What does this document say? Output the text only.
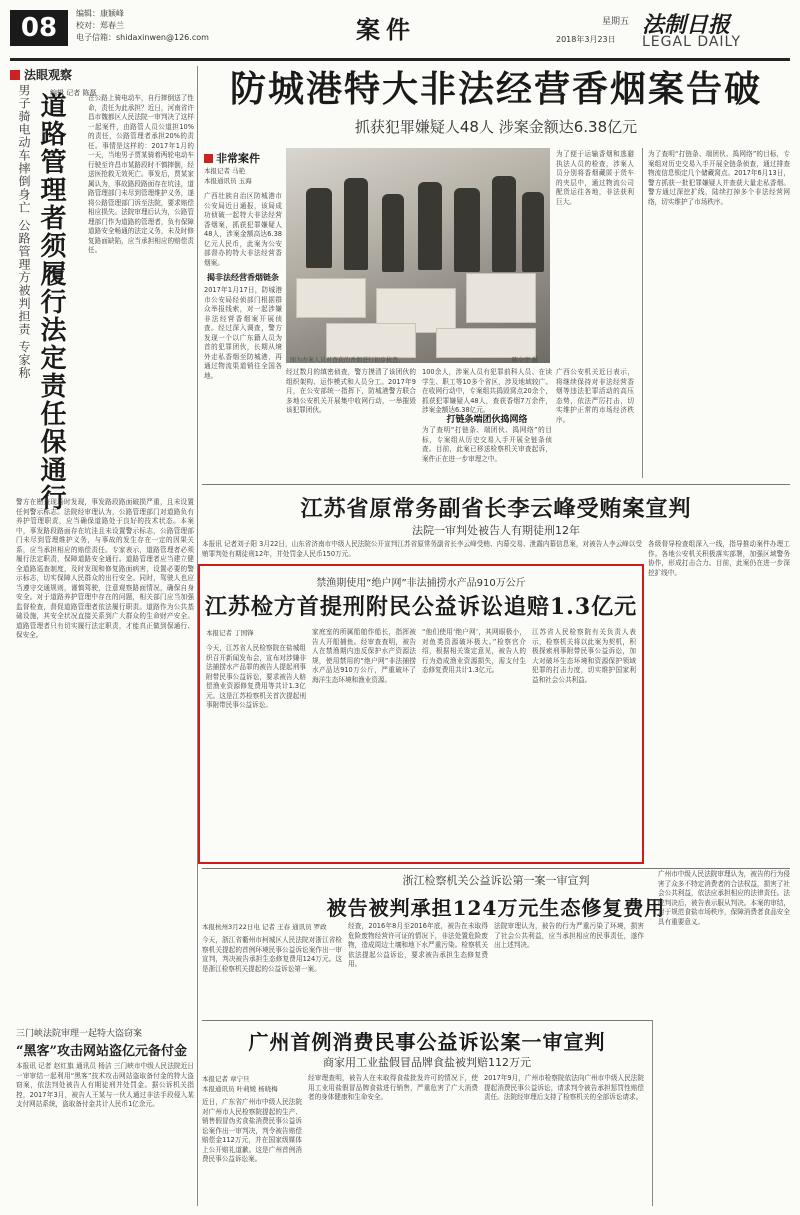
08	编辑：康颖峰
校对：郑春兰
电子信箱：shidaxinwen@126.com	案件	星期五
2018年3月23日
法制日报
LEGAL DAILY
法眼观察
编辑 记者 陈磊
男子骑电动车摔倒身亡 公路管理方被判担责 专家称 道路管理者须履行法定责任保通行	在公路上骑电动车，自行摔倒送了性命，责任为此承担？近日，河南省许昌市魏都区人民法院一审判决了这样一起案件，由路管人员公道担10%的责任，公路管理者承担20%的责任。事情是这样的：2017年1月的一天，当地男子贾某骑着两轮电动车行驶至许昌市某路段时不慎摔倒，经送医抢救无效死亡。事发后，贾某家属认为，事故路段路面存在坑洼，道路管理部门未尽到管理维护义务，遂将公路管理部门诉至法院，要求赔偿相应损失。法院审理后认为，公路管理部门作为道路的管理者，负有保障道路安全畅通的法定义务，未及时修复路面缺陷，应当承担相应的赔偿责任。
警方在勘查现场时发现，事发路段路面破损严重，且未设置任何警示标志。法院经审理认为，公路管理部门对道路负有养护管理职责，应当确保道路处于良好的技术状态。本案中，事发路段路面存在坑洼且未设置警示标志，公路管理部门未尽到管理维护义务，与事故的发生存在一定的因果关系，应当承担相应的赔偿责任。专家表示，道路管理者必须履行法定职责，保障道路安全通行。道路管理者应当建立健全道路巡查制度，及时发现和修复路面病害，设置必要的警示标志，切实保障人民群众的出行安全。同时，驾驶人也应当遵守交通规则，谨慎驾驶，注意观察路面情况，确保自身安全。对于道路养护管理中存在的问题，相关部门应当加强监督检查，督促道路管理者依法履行职责。道路作为公共基础设施，其安全状况直接关系到广大群众的生命财产安全。道路管理者只有切实履行法定职责，才能真正做到保通行、保安全。
三门峡法院审理一起特大盗窃案
“黑客”攻击网站盗亿元备付金
本报讯 记者 赵红旗 通讯员 杨洁 三门峡市中级人民法院近日一审审结一起利用“黑客”技术攻击网站盗取备付金的特大盗窃案，依法判处被告人有期徒刑并处罚金。据公诉机关指控，2017年3月，被告人王某与一伙人通过非法手段侵入某支付网站系统，盗取备付金共计人民币1亿余元。
防城港特大非法经营香烟案告破
抓获犯罪嫌疑人48人 涉案金额达6.38亿元
非常案件
本报记者 马艳
本报通讯员 玉海
广西壮族自治区防城港市公安局近日通报，该局成功侦破一起特大非法经营香烟案，抓获犯罪嫌疑人48人，涉案金额高达6.38亿元人民币，此案为公安部督办的特大非法经营香烟案。
揭非法经营香烟链条
2017年1月17日，防城港市公安局经侦部门根据群众举报线索，对一起涉嫌非法经营香烟案开展侦查。经过深入调查，警方发现一个以广东籍人员为首的犯罪团伙，长期从境外走私香烟至防城港，再通过物流渠道销往全国各地。
图为办案人员对查获的香烟进行初步核查。	陈立宇 摄
为了便于运输香烟和逃避执法人员的检查，涉案人员分别将香烟藏匿于货车的夹层中，通过物流公司配货运往各地，非法获利巨大。
经过数月的缜密侦查，警方摸清了该团伙的组织架构、运作模式和人员分工。2017年9月，在公安部统一指挥下，防城港警方联合多地公安机关开展集中收网行动，一举摧毁该犯罪团伙。
100余人，涉案人员有犯罪前科人员、在读学生、职工等10多个省区，涉及地域较广。在收网行动中，专案组共捣毁窝点20余个，抓获犯罪嫌疑人48人，查获香烟7万余件，涉案金额达6.38亿元。
打链条端团伙捣网络
为了查明“打链条、端团伙、捣网络”的目标，专案组从历史交易入手开展全链条侦查。目前，此案已移送检察机关审查起诉，案件正在进一步审理之中。
广西公安机关近日表示，将继续保持对非法经营香烟等违法犯罪活动的高压态势，依法严厉打击，切实维护正常的市场经济秩序。
为了查明“打链条、端团伙、捣网络”的目标，专案组对历史交易入手开展全链条侦查，通过排查物流信息锁定几个储藏窝点。2017年6月13日，警方抓获一批犯罪嫌疑人并查获大量走私香烟。警方通过深挖扩线，陆续打掉多个非法经营网络，切实维护了市场秩序。
江苏省原常务副省长李云峰受贿案宣判
法院一审判处被告人有期徒刑12年
本报讯 记者刘子阳 3月22日，山东省济南市中级人民法院公开宣判江苏省原常务副省长李云峰受贿、内幕交易、泄露内幕信息案，对被告人李云峰以受贿罪判处有期徒刑12年，并处罚金人民币150万元。
各级督导检查组深入一线，指导推动案件办理工作。各地公安机关积极落实部署，加强区域警务协作，形成打击合力。目前，此案仍在进一步深挖扩线中。
禁渔期使用“绝户网”非法捕捞水产品910万公斤
江苏检方首提刑附民公益诉讼追赔1.3亿元
本报记者 丁国锋
今天，江苏省人民检察院在盐城组织召开新闻发布会，宣布对涉嫌非法捕捞水产品罪的被告人提起刑事附带民事公益诉讼，要求被告人赔偿渔业资源修复费用等共计1.3亿元。这是江苏检察机关首次提起刑事附带民事公益诉讼。
家庭室的所属船舶作船长，指挥被告人开船捕鱼。经审查查明，被告人在禁渔期内违反保护水产资源法规，使用禁用的“绝户网”非法捕捞水产品达910万公斤，严重破坏了海洋生态环境和渔业资源。
“他们使用‘绝户网’，其网眼极小，对鱼类资源破坏极大。”检察官介绍，根据相关鉴定意见，被告人的行为造成渔业资源损失，需支付生态修复费用共计1.3亿元。
江苏省人民检察院有关负责人表示，检察机关将以此案为契机，积极探索刑事附带民事公益诉讼，加大对破坏生态环境和资源保护领域犯罪的打击力度，切实维护国家利益和社会公共利益。
浙江检察机关公益诉讼第一案一审宣判
被告被判承担124万元生态修复费用
本报杭州3月22日电 记者 王春 通讯员 罗政
今天，浙江省衢州市柯城区人民法院对浙江省检察机关提起的首例环境民事公益诉讼案作出一审宣判，判决被告承担生态修复费用124万元。这是浙江检察机关提起的公益诉讼第一案。
经查，2016年8月至2016年底，被告在未取得危险废物经营许可证的情况下，非法处置危险废物，造成周边土壤和地下水严重污染。检察机关依法提起公益诉讼，要求被告承担生态修复费用。
法院审理认为，被告的行为严重污染了环境，损害了社会公共利益，应当承担相应的民事责任，遂作出上述判决。
广州首例消费民事公益诉讼案一审宣判
商家用工业盐假冒品牌食盐被判赔112万元
本报记者 章宁旦
本报通讯员 叶莉媛 杨晓梅
近日，广东省广州市中级人民法院对广州市人民检察院提起的生产、销售假冒伪劣食盐消费民事公益诉讼案作出一审判决，判令被告赔偿赔偿金112万元，并在国家级媒体上公开赔礼道歉。这是广州首例消费民事公益诉讼案。
经审理查明，被告人在未取得食盐批发许可的情况下，使用工业用盐假冒品牌食盐进行销售，严重危害了广大消费者的身体健康和生命安全。
2017年9月，广州市检察院依法向广州市中级人民法院提起消费民事公益诉讼，请求判令被告承担惩罚性赔偿责任。法院经审理后支持了检察机关的全部诉讼请求。
广州市中级人民法院审理认为，被告的行为侵害了众多不特定消费者的合法权益，损害了社会公共利益，依法应承担相应的法律责任。法院判决后，被告表示服从判决。本案的审结，对于规范食盐市场秩序，保障消费者食品安全具有重要意义。
